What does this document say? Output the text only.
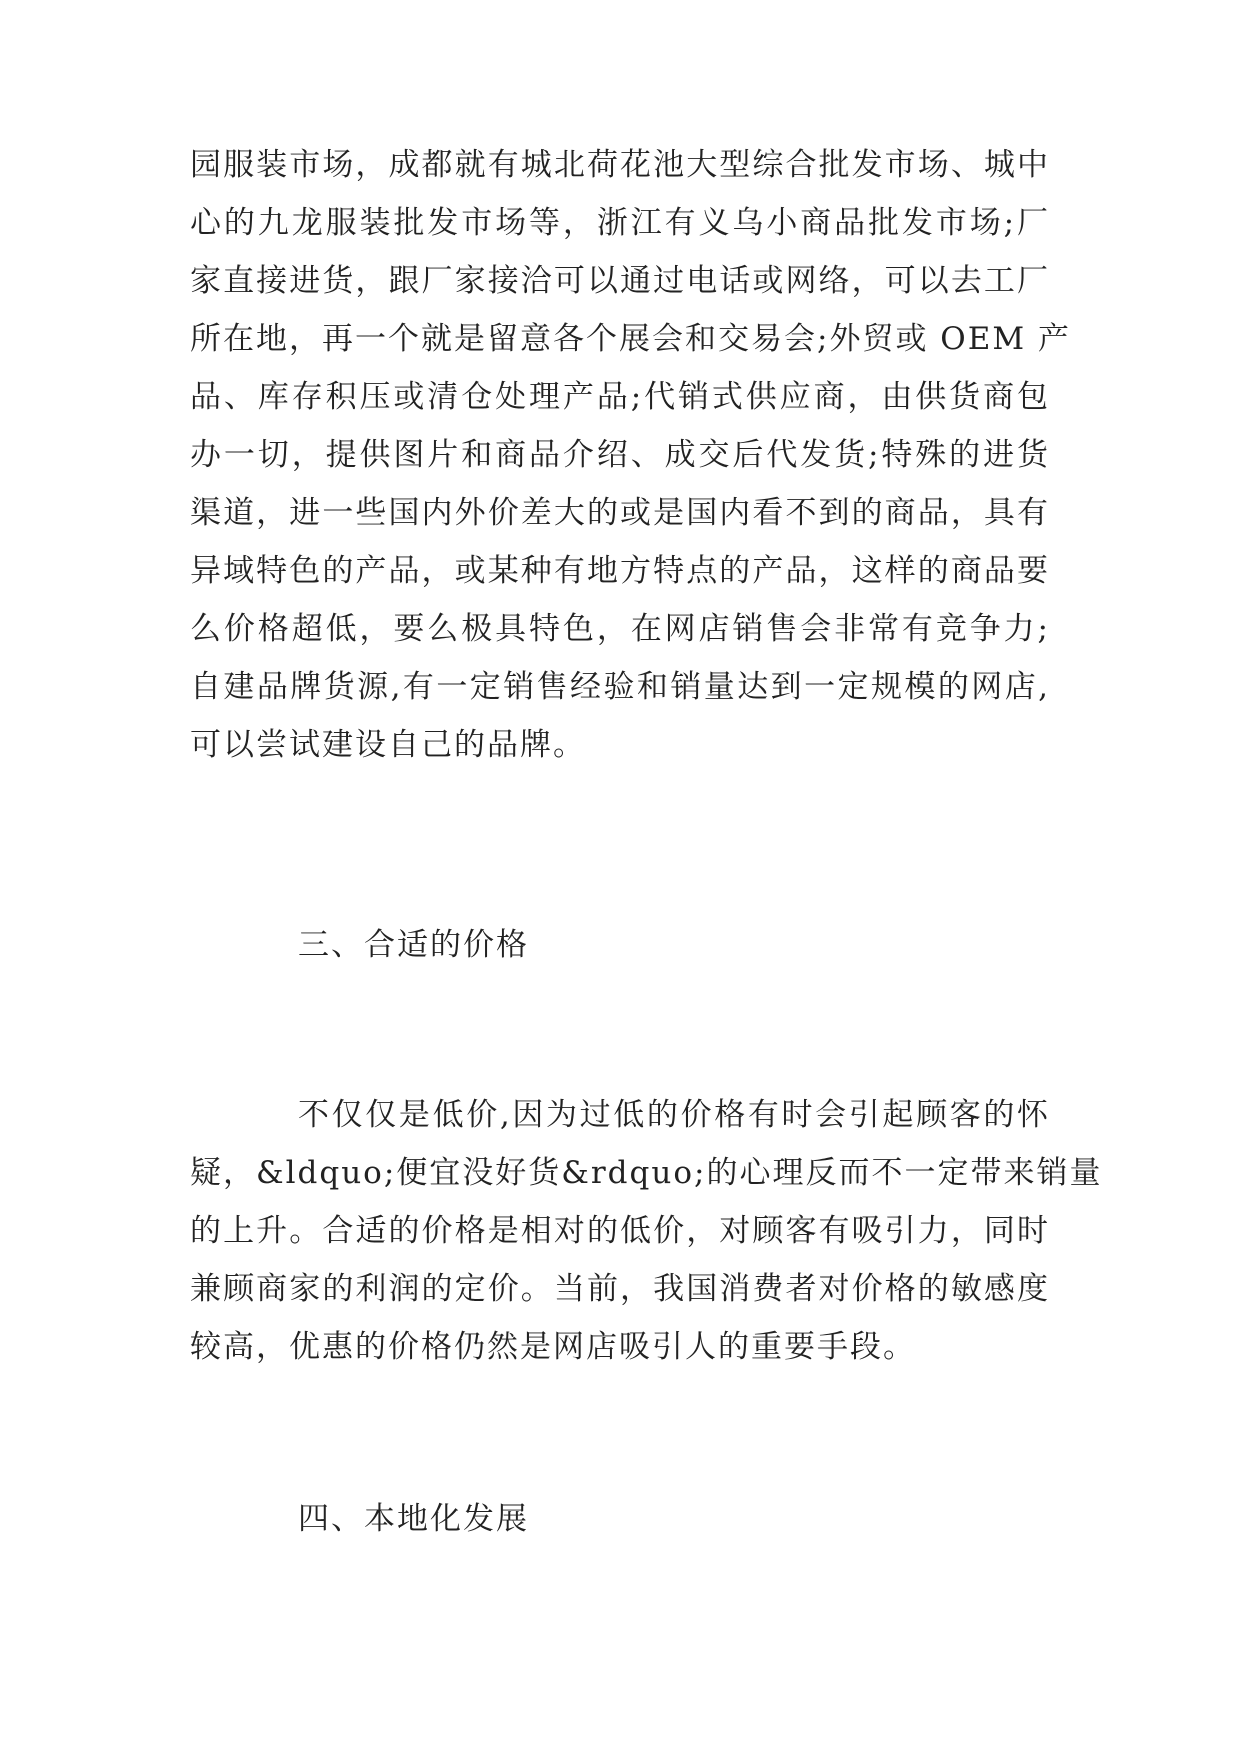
园服装市场，成都就有城北荷花池大型综合批发市场、城中
心的九龙服装批发市场等，浙江有义乌小商品批发市场;厂
家直接进货，跟厂家接洽可以通过电话或网络，可以去工厂
所在地，再一个就是留意各个展会和交易会;外贸或 OEM 产
品、库存积压或清仓处理产品;代销式供应商，由供货商包
办一切，提供图片和商品介绍、成交后代发货;特殊的进货
渠道，进一些国内外价差大的或是国内看不到的商品，具有
异域特色的产品，或某种有地方特点的产品，这样的商品要
么价格超低，要么极具特色，在网店销售会非常有竞争力;
自建品牌货源,有一定销售经验和销量达到一定规模的网店,
可以尝试建设自己的品牌。
三、合适的价格
不仅仅是低价,因为过低的价格有时会引起顾客的怀
疑，&ldquo;便宜没好货&rdquo;的心理反而不一定带来销量
的上升。合适的价格是相对的低价，对顾客有吸引力，同时
兼顾商家的利润的定价。当前，我国消费者对价格的敏感度
较高，优惠的价格仍然是网店吸引人的重要手段。
四、本地化发展
